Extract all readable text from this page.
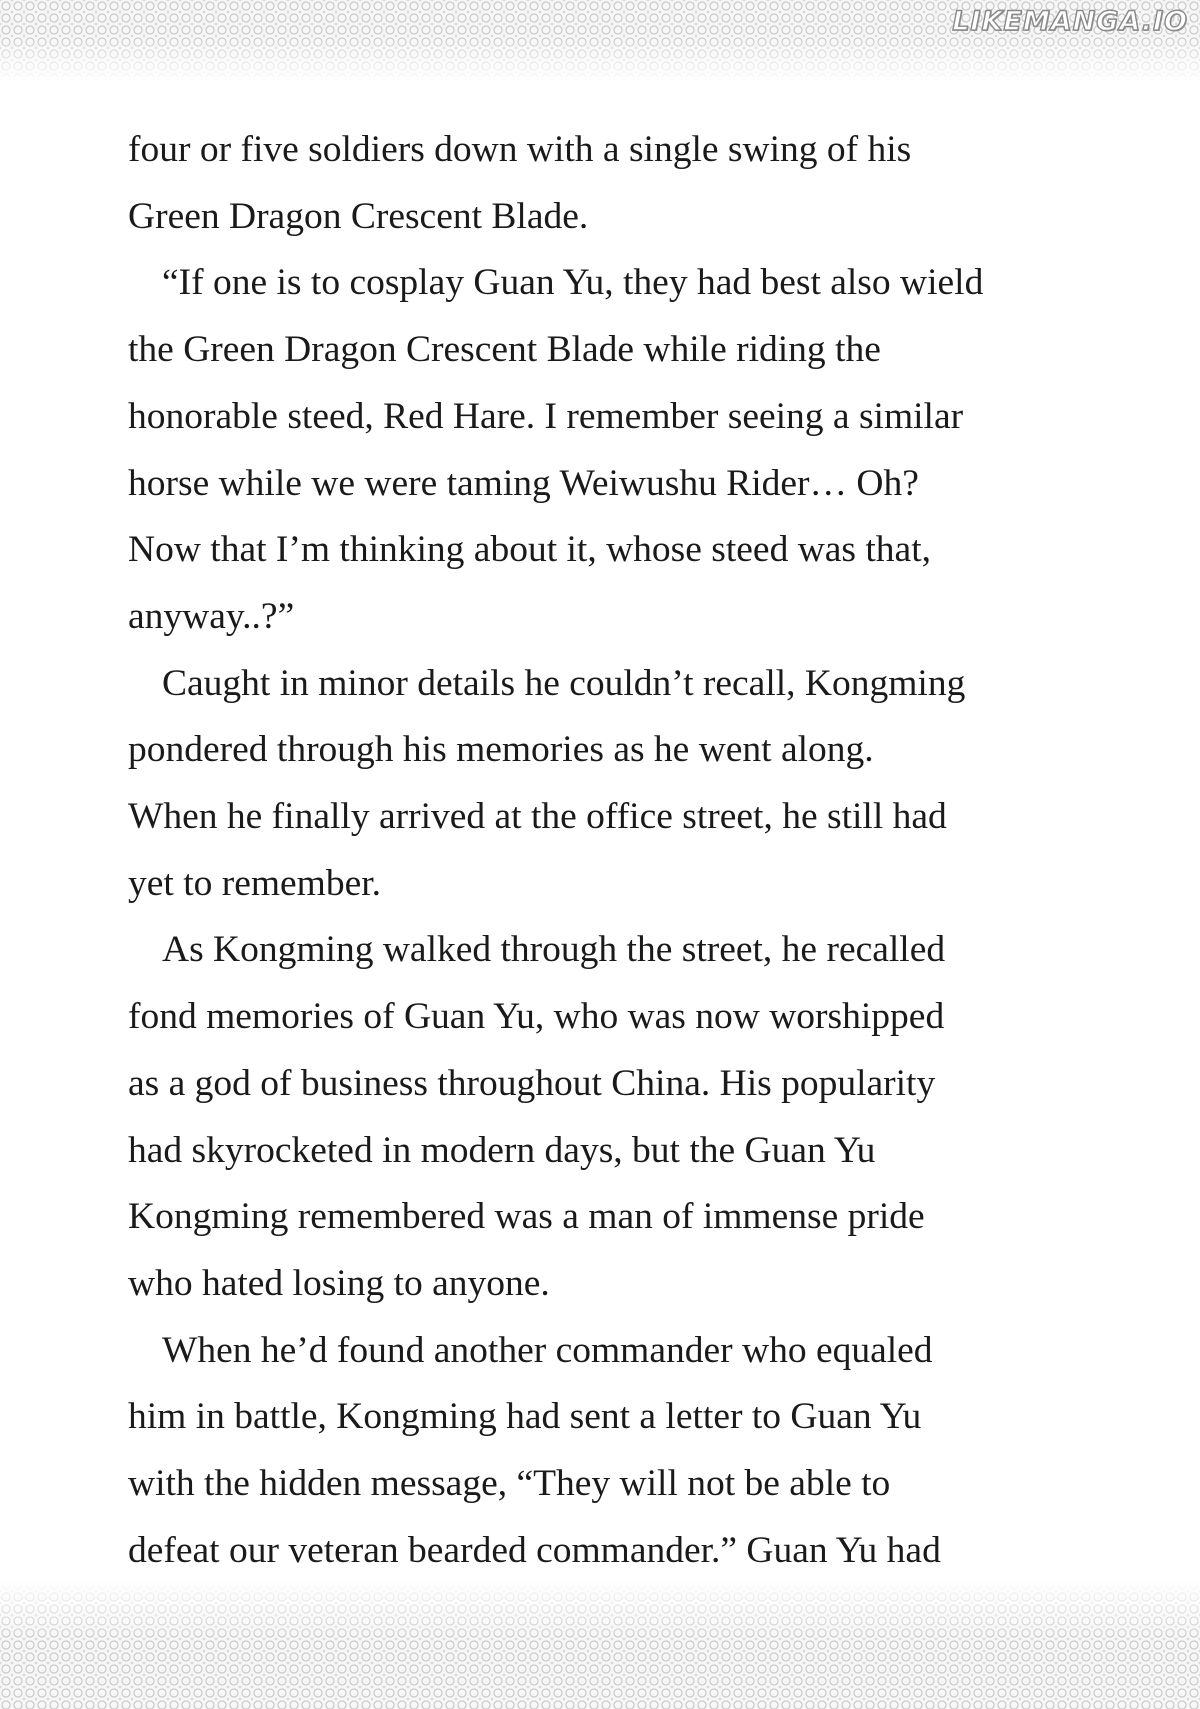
LIKEMANGA.IO
four or five soldiers down with a single swing of his
Green Dragon Crescent Blade.
“If one is to cosplay Guan Yu, they had best also wield
the Green Dragon Crescent Blade while riding the
honorable steed, Red Hare. I remember seeing a similar
horse while we were taming Weiwushu Rider… Oh?
Now that I’m thinking about it, whose steed was that,
anyway..?”
Caught in minor details he couldn’t recall, Kongming
pondered through his memories as he went along.
When he finally arrived at the office street, he still had
yet to remember.
As Kongming walked through the street, he recalled
fond memories of Guan Yu, who was now worshipped
as a god of business throughout China. His popularity
had skyrocketed in modern days, but the Guan Yu
Kongming remembered was a man of immense pride
who hated losing to anyone.
When he’d found another commander who equaled
him in battle, Kongming had sent a letter to Guan Yu
with the hidden message, “They will not be able to
defeat our veteran bearded commander.” Guan Yu had
